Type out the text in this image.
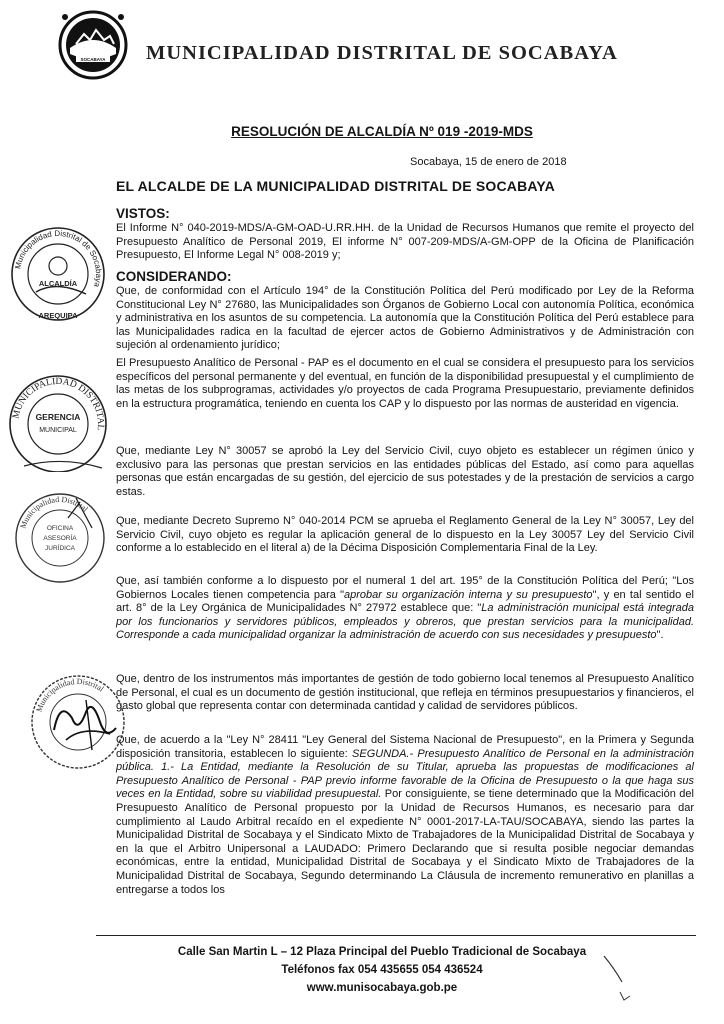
SOCABAYA MUNICIPALIDAD DISTRITAL DE SOCABAYA
RESOLUCIÓN DE ALCALDÍA Nº 019 -2019-MDS
Socabaya, 15 de enero de 2018
EL ALCALDE DE LA MUNICIPALIDAD DISTRITAL DE SOCABAYA
VISTOS:

El Informe N° 040-2019-MDS/A-GM-OAD-U.RR.HH. de la Unidad de Recursos Humanos que remite el proyecto del Presupuesto Analítico de Personal 2019, El informe N° 007-209-MDS/A-GM-OPP de la Oficina de Planificación Presupuesto, El Informe Legal N° 008-2019 y;

CONSIDERANDO:

Que, de conformidad con el Artículo 194° de la Constitución Política del Perú modificado por Ley de la Reforma Constitucional Ley N° 27680, las Municipalidades son Órganos de Gobierno Local con autonomía Política, económica y administrativa en los asuntos de su competencia. La autonomía que la Constitución Política del Perú establece para las Municipalidades radica en la facultad de ejercer actos de Gobierno Administrativos y de Administración con sujeción al ordenamiento jurídico;

El Presupuesto Analítico de Personal - PAP es el documento en el cual se considera el presupuesto para los servicios específicos del personal permanente y del eventual, en función de la disponibilidad presupuestal y el cumplimiento de las metas de los subprogramas, actividades y/o proyectos de cada Programa Presupuestario, previamente definidos en la estructura programática, teniendo en cuenta los CAP y lo dispuesto por las normas de austeridad en vigencia.

Que, mediante Ley N° 30057 se aprobó la Ley del Servicio Civil, cuyo objeto es establecer un régimen único y exclusivo para las personas que prestan servicios en las entidades públicas del Estado, así como para aquellas personas que están encargadas de su gestión, del ejercicio de sus potestades y de la prestación de servicios a cargo estas.

Que, mediante Decreto Supremo N° 040-2014 PCM se aprueba el Reglamento General de la Ley N° 30057, Ley del Servicio Civil, cuyo objeto es regular la aplicación general de lo dispuesto en la Ley 30057 Ley del Servicio Civil conforme a lo establecido en el literal a) de la Décima Disposición Complementaria Final de la Ley.

Que, así también conforme a lo dispuesto por el numeral 1 del art. 195° de la Constitución Política del Perú; "Los Gobiernos Locales tienen competencia para "aprobar su organización interna y su presupuesto", y en tal sentido el art. 8° de la Ley Orgánica de Municipalidades N° 27972 establece que: "La administración municipal está integrada por los funcionarios y servidores públicos, empleados y obreros, que prestan servicios para la municipalidad. Corresponde a cada municipalidad organizar la administración de acuerdo con sus necesidades y presupuesto".

Que, dentro de los instrumentos más importantes de gestión de todo gobierno local tenemos al Presupuesto Analítico de Personal, el cual es un documento de gestión institucional, que refleja en términos presupuestarios y financieros, el gasto global que representa contar con determinada cantidad y calidad de servidores públicos.

Que, de acuerdo a la "Ley N° 28411 "Ley General del Sistema Nacional de Presupuesto", en la Primera y Segunda disposición transitoria, establecen lo siguiente: SEGUNDA.- Presupuesto Analítico de Personal en la administración pública. 1.- La Entidad, mediante la Resolución de su Titular, aprueba las propuestas de modificaciones al Presupuesto Analítico de Personal - PAP previo informe favorable de la Oficina de Presupuesto o la que haga sus veces en la Entidad, sobre su viabilidad presupuestal. Por consiguiente, se tiene determinado que la Modificación del Presupuesto Analítico de Personal propuesto por la Unidad de Recursos Humanos, es necesario para dar cumplimiento al Laudo Arbitral recaído en el expediente N° 0001-2017-LA-TAU/SOCABAYA, siendo las partes la Municipalidad Distrital de Socabaya y el Sindicato Mixto de Trabajadores de la Municipalidad Distrital de Socabaya y en la que el Arbitro Unipersonal a LAUDADO: Primero Declarando que si resulta posible negociar demandas económicas, entre la entidad, Municipalidad Distrital de Socabaya y el Sindicato Mixto de Trabajadores de la Municipalidad Distrital de Socabaya, Segundo determinando La Cláusula de incremento remunerativo en planillas a entregarse a todos los

Municipalidad Distrital de Socabaya
ALCALDÍA
AREQUIPA
MUNICIPALIDAD DISTRITAL
GERENCIA
MUNICIPAL
Municipalidad Distrital
OFICINA
ASESORÍA
JURÍDICA
Municipalidad Distrital
Calle San Martin L – 12 Plaza Principal del Pueblo Tradicional de Socabaya
Teléfonos fax 054 435655 054 436524
www.munisocabaya.gob.pe
